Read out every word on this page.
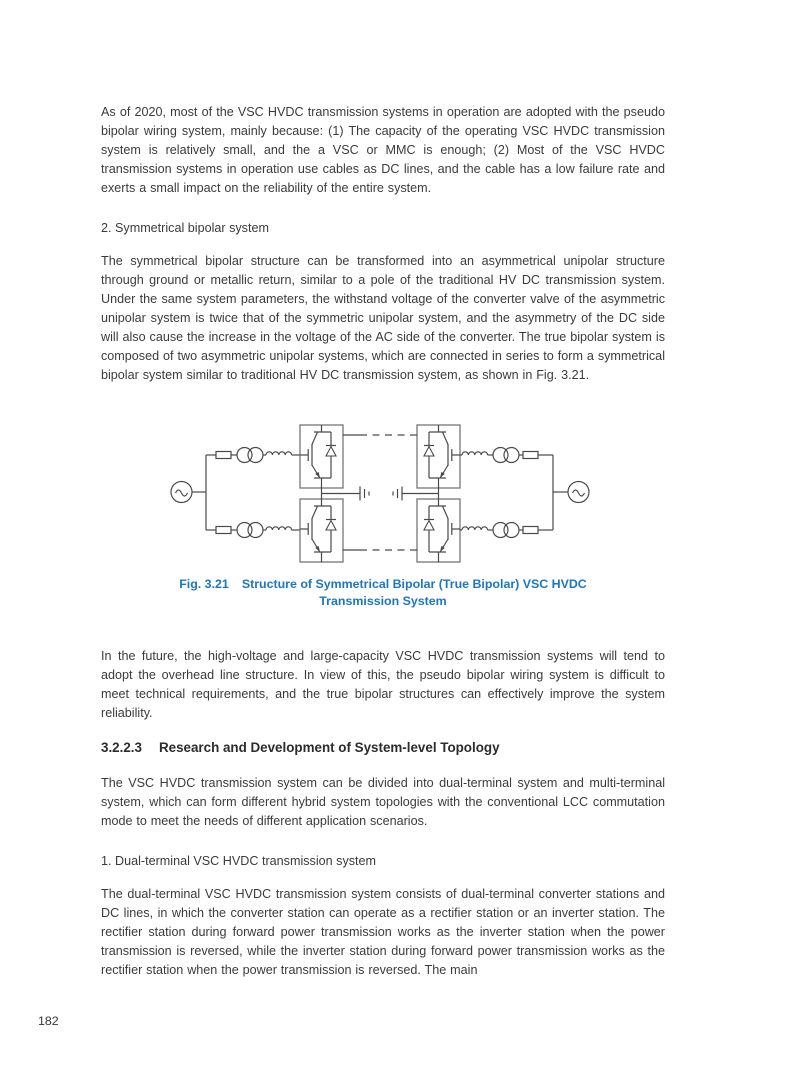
As of 2020, most of the VSC HVDC transmission systems in operation are adopted with the pseudo bipolar wiring system, mainly because: (1) The capacity of the operating VSC HVDC transmission system is relatively small, and the a VSC or MMC is enough; (2) Most of the VSC HVDC transmission systems in operation use cables as DC lines, and the cable has a low failure rate and exerts a small impact on the reliability of the entire system.

2. Symmetrical bipolar system

The symmetrical bipolar structure can be transformed into an asymmetrical unipolar structure through ground or metallic return, similar to a pole of the traditional HV DC transmission system. Under the same system parameters, the withstand voltage of the converter valve of the asymmetric unipolar system is twice that of the symmetric unipolar system, and the asymmetry of the DC side will also cause the increase in the voltage of the AC side of the converter. The true bipolar system is composed of two asymmetric unipolar systems, which are connected in series to form a symmetrical bipolar system similar to traditional HV DC transmission system, as shown in Fig. 3.21.

Fig. 3.21 Structure of Symmetrical Bipolar (True Bipolar) VSC HVDC Transmission System

In the future, the high-voltage and large-capacity VSC HVDC transmission systems will tend to adopt the overhead line structure. In view of this, the pseudo bipolar wiring system is difficult to meet technical requirements, and the true bipolar structures can effectively improve the system reliability.

3.2.2.3 Research and Development of System-level Topology

The VSC HVDC transmission system can be divided into dual-terminal system and multi-terminal system, which can form different hybrid system topologies with the conventional LCC commutation mode to meet the needs of different application scenarios.

1. Dual-terminal VSC HVDC transmission system

The dual-terminal VSC HVDC transmission system consists of dual-terminal converter stations and DC lines, in which the converter station can operate as a rectifier station or an inverter station. The rectifier station during forward power transmission works as the inverter station when the power transmission is reversed, while the inverter station during forward power transmission works as the rectifier station when the power transmission is reversed. The main

182
